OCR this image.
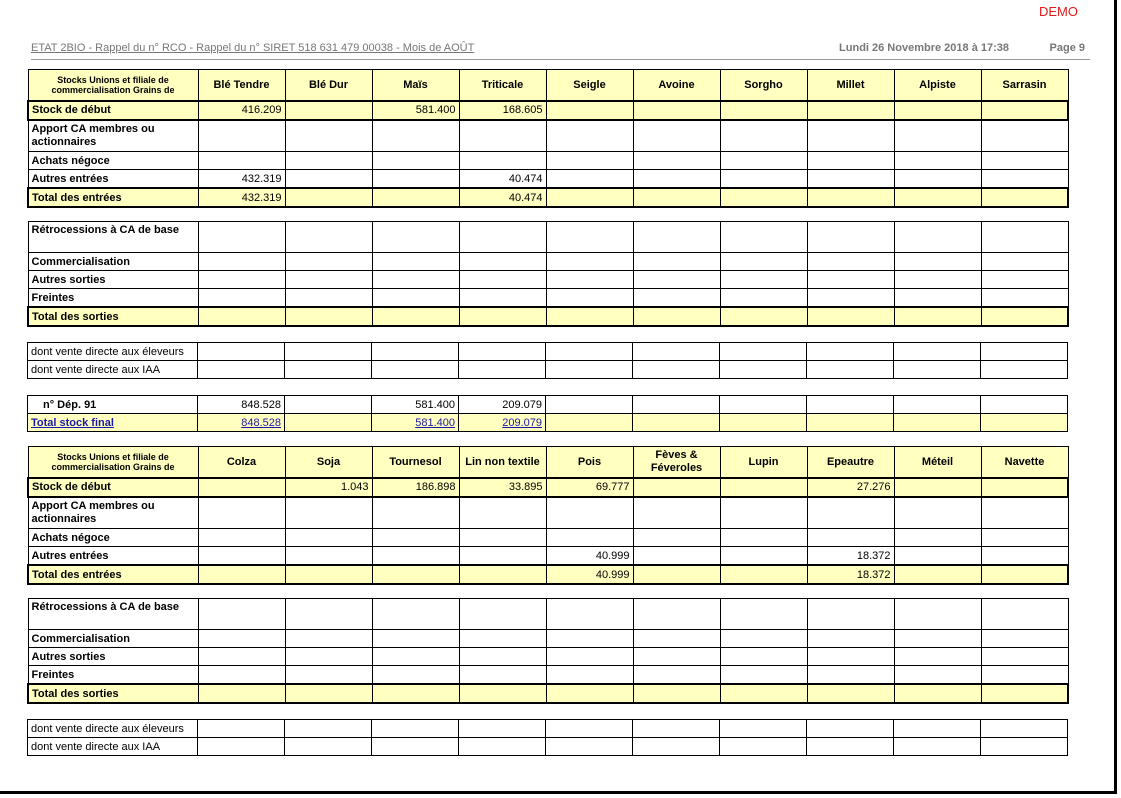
DEMO
ETAT 2BIO - Rappel du n° RCO - Rappel du n° SIRET 518 631 479 00038 - Mois de AOÛT	Lundi 26 Novembre 2018 à 17:38	Page 9
Stocks Unions et filiale de commercialisation Grains de	Blé Tendre	Blé Dur	Maïs	Triticale	Seigle	Avoine	Sorgho	Millet	Alpiste	Sarrasin
Stock de début	416.209		581.400	168.605						
Apport CA membres ou actionnaires										
Achats négoce										
Autres entrées	432.319			40.474						
Total des entrées	432.319			40.474						
Rétrocessions à CA de base										
Commercialisation										
Autres sorties										
Freintes										
Total des sorties										
dont vente directe aux éleveurs										
dont vente directe aux IAA										
n° Dép. 91	848.528		581.400	209.079						
Total stock final	848.528		581.400	209.079						
Stocks Unions et filiale de commercialisation Grains de	Colza	Soja	Tournesol	Lin non textile	Pois	Fèves & Féveroles	Lupin	Epeautre	Méteil	Navette
Stock de début		1.043	186.898	33.895	69.777			27.276		
Apport CA membres ou actionnaires										
Achats négoce										
Autres entrées					40.999			18.372		
Total des entrées					40.999			18.372		
Rétrocessions à CA de base										
Commercialisation										
Autres sorties										
Freintes										
Total des sorties										
dont vente directe aux éleveurs										
dont vente directe aux IAA										
